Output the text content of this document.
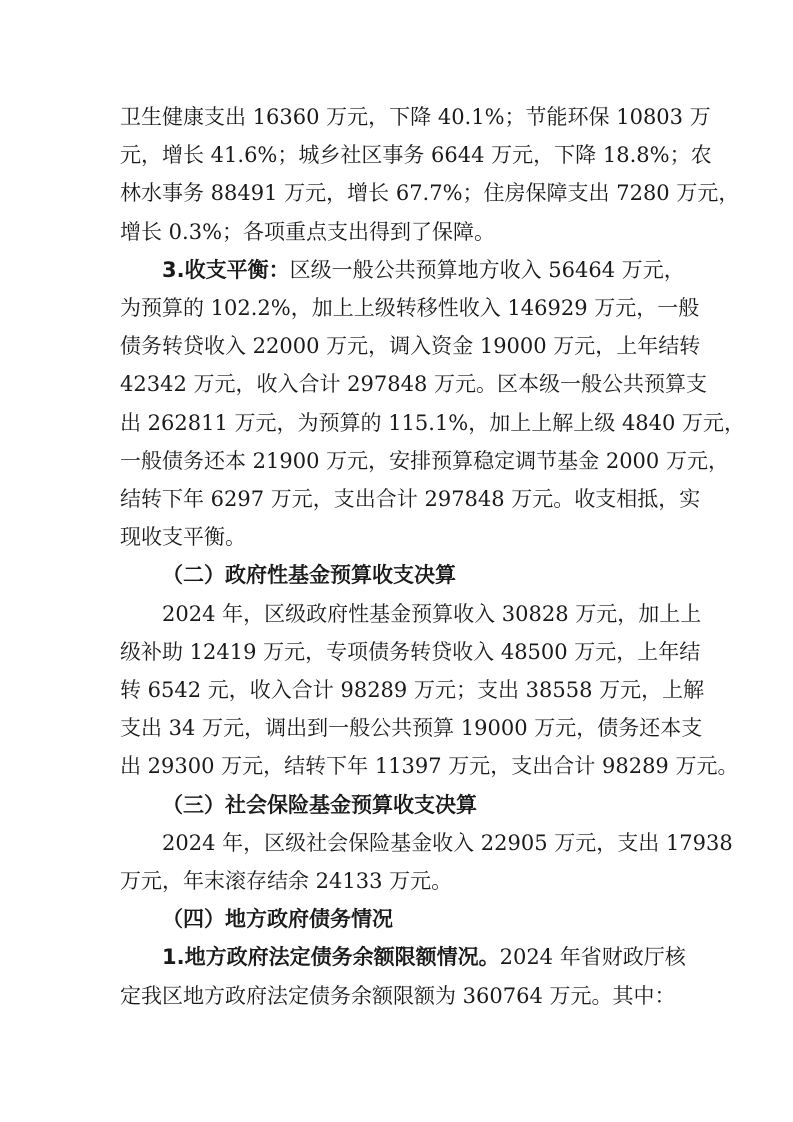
卫生健康支出 16360 万元，下降 40.1%；节能环保 10803 万
元，增长 41.6%；城乡社区事务 6644 万元，下降 18.8%；农
林水事务 88491 万元，增长 67.7%；住房保障支出 7280 万元，
增长 0.3%；各项重点支出得到了保障。

3.收支平衡：区级一般公共预算地方收入 56464 万元，
为预算的 102.2%，加上上级转移性收入 146929 万元，一般
债务转贷收入 22000 万元，调入资金 19000 万元，上年结转
42342 万元，收入合计 297848 万元。区本级一般公共预算支
出 262811 万元，为预算的 115.1%，加上上解上级 4840 万元，
一般债务还本 21900 万元，安排预算稳定调节基金 2000 万元，
结转下年 6297 万元，支出合计 297848 万元。收支相抵，实
现收支平衡。

（二）政府性基金预算收支决算

2024 年，区级政府性基金预算收入 30828 万元，加上上
级补助 12419 万元，专项债务转贷收入 48500 万元，上年结
转 6542 元，收入合计 98289 万元；支出 38558 万元，上解
支出 34 万元，调出到一般公共预算 19000 万元，债务还本支
出 29300 万元，结转下年 11397 万元，支出合计 98289 万元。

（三）社会保险基金预算收支决算

2024 年，区级社会保险基金收入 22905 万元，支出 17938
万元，年末滚存结余 24133 万元。

（四）地方政府债务情况

1.地方政府法定债务余额限额情况。2024 年省财政厅核
定我区地方政府法定债务余额限额为 360764 万元。其中：
